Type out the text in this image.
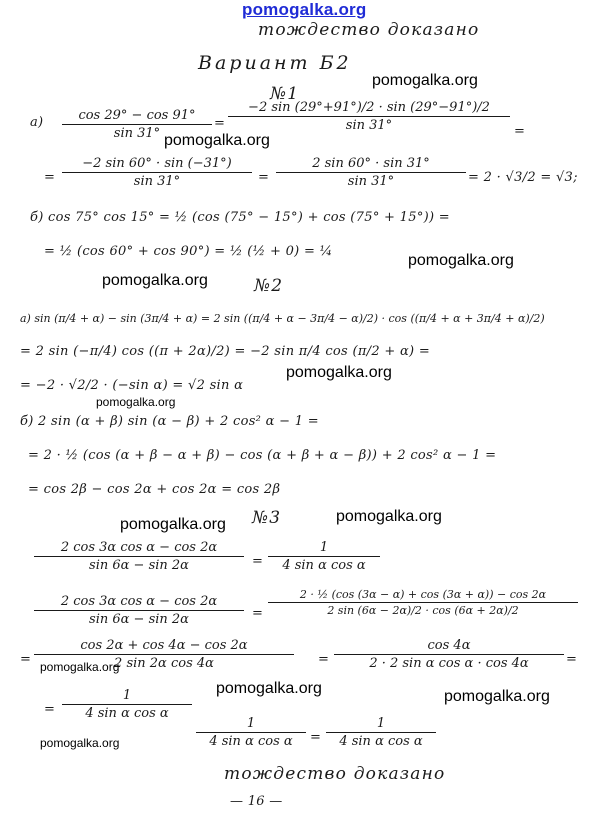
pomogalka.org
тождество доказано
Вариант Б2
pomogalka.org
№1
а)	cos 29° − cos 91°
sin 31°
=
−2 sin (29°+91°)/2 · sin (29°−91°)/2
sin 31°	=
pomogalka.org
=
−2 sin 60° · sin (−31°)
sin 31°	=
2 sin 60° · sin 31°
sin 31°	= 2 · √3/2 = √3;
б) cos 75° cos 15° = ½ (cos (75° − 15°) + cos (75° + 15°)) =
= ½ (cos 60° + cos 90°) = ½ (½ + 0) = ¼
pomogalka.org
pomogalka.org	№2
а) sin (π/4 + α) − sin (3π/4 + α) = 2 sin ((π/4 + α − 3π/4 − α)/2) · cos ((π/4 + α + 3π/4 + α)/2)
= 2 sin (−π/4) cos ((π + 2α)/2) = −2 sin π/4 cos (π/2 + α) =
pomogalka.org
= −2 · √2/2 · (−sin α) = √2 sin α
pomogalka.org
б) 2 sin (α + β) sin (α − β) + 2 cos² α − 1 =
= 2 · ½ (cos (α + β − α + β) − cos (α + β + α − β)) + 2 cos² α − 1 =
= cos 2β − cos 2α + cos 2α = cos 2β
pomogalka.org
pomogalka.org №3
2 cos 3α cos α − cos 2α
sin 6α − sin 2α	=
1
4 sin α cos α
2 cos 3α cos α − cos 2α
sin 6α − sin 2α	=
2 · ½ (cos (3α − α) + cos (3α + α)) − cos 2α
2 sin (6α − 2α)/2 · cos (6α + 2α)/2
=
cos 2α + cos 4α − cos 2α
2 sin 2α cos 4α	=
cos 4α
2 · 2 sin α cos α · cos 4α	=
pomogalka.org
pomogalka.org	pomogalka.org
=
1
4 sin α cos α
pomogalka.org
1
4 sin α cos α	=
1
4 sin α cos α
тождество доказано
— 16 —
